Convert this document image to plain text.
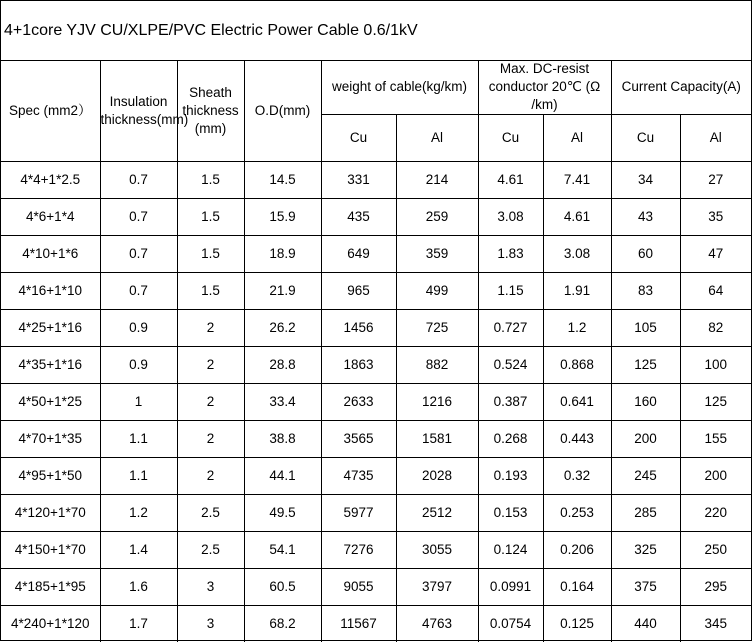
4+1core YJV CU/XLPE/PVC Electric Power Cable 0.6/1kV
Spec (mm2）	Insulation thickness(mm)	Sheath thickness (mm)	O.D(mm)	weight of cable(kg/km)		Max. DC-resist conductor 20℃ (Ω /km)		Current Capacity(A)	
				Cu	Al	Cu	Al	Cu	Al
4*4+1*2.5	0.7	1.5	14.5	331	214	4.61	7.41	34	27
4*6+1*4	0.7	1.5	15.9	435	259	3.08	4.61	43	35
4*10+1*6	0.7	1.5	18.9	649	359	1.83	3.08	60	47
4*16+1*10	0.7	1.5	21.9	965	499	1.15	1.91	83	64
4*25+1*16	0.9	2	26.2	1456	725	0.727	1.2	105	82
4*35+1*16	0.9	2	28.8	1863	882	0.524	0.868	125	100
4*50+1*25	1	2	33.4	2633	1216	0.387	0.641	160	125
4*70+1*35	1.1	2	38.8	3565	1581	0.268	0.443	200	155
4*95+1*50	1.1	2	44.1	4735	2028	0.193	0.32	245	200
4*120+1*70	1.2	2.5	49.5	5977	2512	0.153	0.253	285	220
4*150+1*70	1.4	2.5	54.1	7276	3055	0.124	0.206	325	250
4*185+1*95	1.6	3	60.5	9055	3797	0.0991	0.164	375	295
4*240+1*120	1.7	3	68.2	11567	4763	0.0754	0.125	440	345
